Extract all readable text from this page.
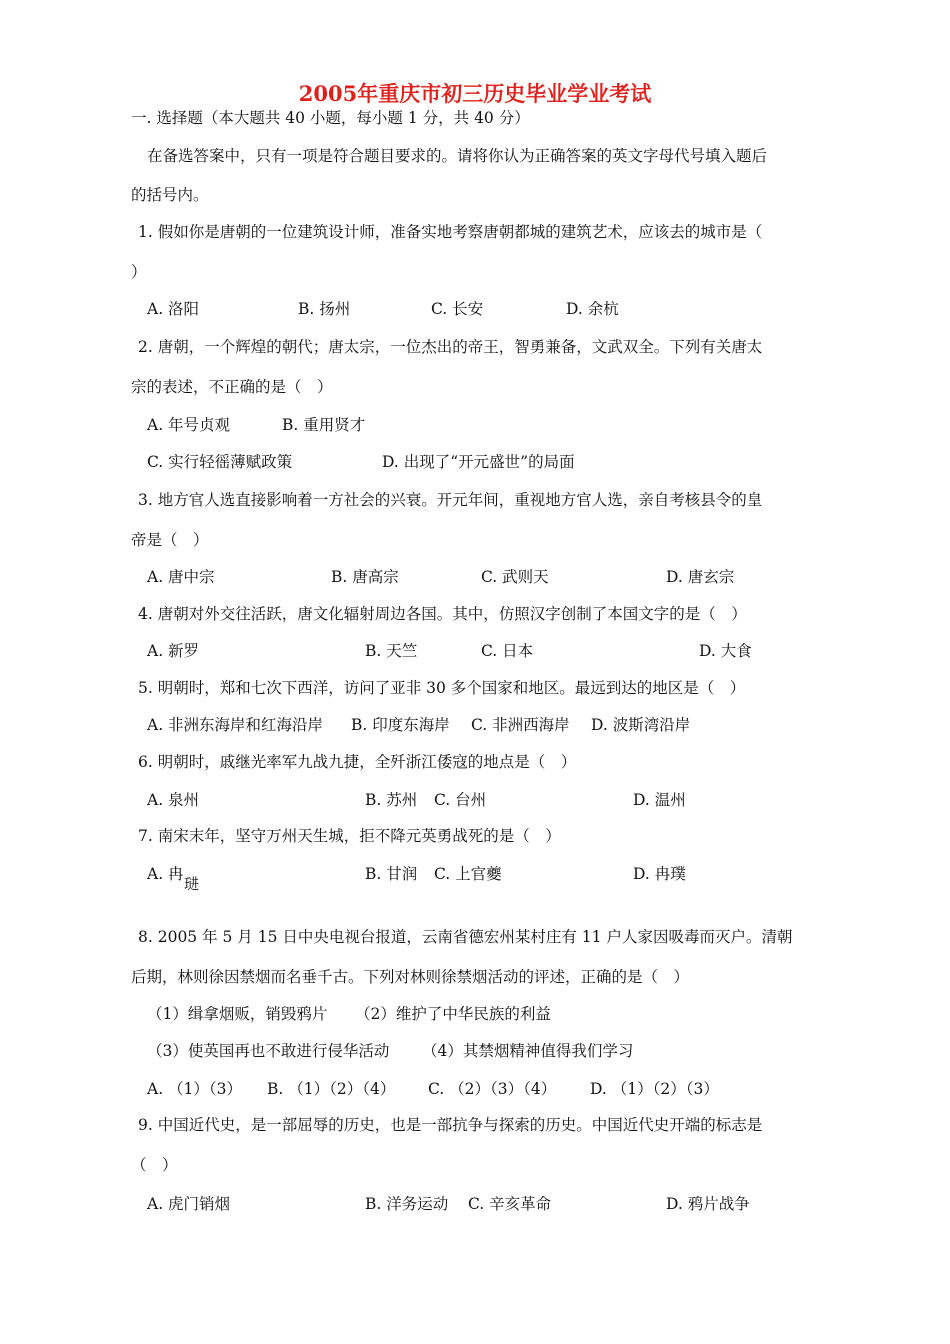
2005年重庆市初三历史毕业学业考试
一. 选择题（本大题共 40 小题，每小题 1 分，共 40 分）
在备选答案中，只有一项是符合题目要求的。请将你认为正确答案的英文字母代号填入题后
的括号内。
1. 假如你是唐朝的一位建筑设计师，准备实地考察唐朝都城的建筑艺术，应该去的城市是（
）
A. 洛阳	B. 扬州	C. 长安	D. 余杭
2. 唐朝，一个辉煌的朝代；唐太宗，一位杰出的帝王，智勇兼备，文武双全。下列有关唐太
宗的表述，不正确的是（　）
A. 年号贞观	B. 重用贤才
C. 实行轻徭薄赋政策	D. 出现了“开元盛世”的局面
3. 地方官人选直接影响着一方社会的兴衰。开元年间，重视地方官人选，亲自考核县令的皇
帝是（　）
A. 唐中宗	B. 唐高宗	C. 武则天	D. 唐玄宗
4. 唐朝对外交往活跃，唐文化辐射周边各国。其中，仿照汉字创制了本国文字的是（　）
A. 新罗	B. 天竺	C. 日本	D. 大食
5. 明朝时，郑和七次下西洋，访问了亚非 30 多个国家和地区。最远到达的地区是（　）
A. 非洲东海岸和红海沿岸 B. 印度东海岸 C. 非洲西海岸 D. 波斯湾沿岸
6. 明朝时，戚继光率军九战九捷，全歼浙江倭寇的地点是（　）
A. 泉州	B. 苏州 C. 台州	D. 温州
7. 南宋末年，坚守万州天生城，拒不降元英勇战死的是（　）
A. 冉
琎
B. 甘润 C. 上官夔	D. 冉璞
8. 2005 年 5 月 15 日中央电视台报道，云南省德宏州某村庄有 11 户人家因吸毒而灭户。清朝
后期，林则徐因禁烟而名垂千古。下列对林则徐禁烟活动的评述，正确的是（　）
（1）缉拿烟贩，销毁鸦片 （2）维护了中华民族的利益
（3）使英国再也不敢进行侵华活动 （4）其禁烟精神值得我们学习
A. （1）（3） B. （1）（2）（4） C. （2）（3）（4） D. （1）（2）（3）
9. 中国近代史，是一部屈辱的历史，也是一部抗争与探索的历史。中国近代史开端的标志是
（　）
A. 虎门销烟	B. 洋务运动 C. 辛亥革命	D. 鸦片战争
